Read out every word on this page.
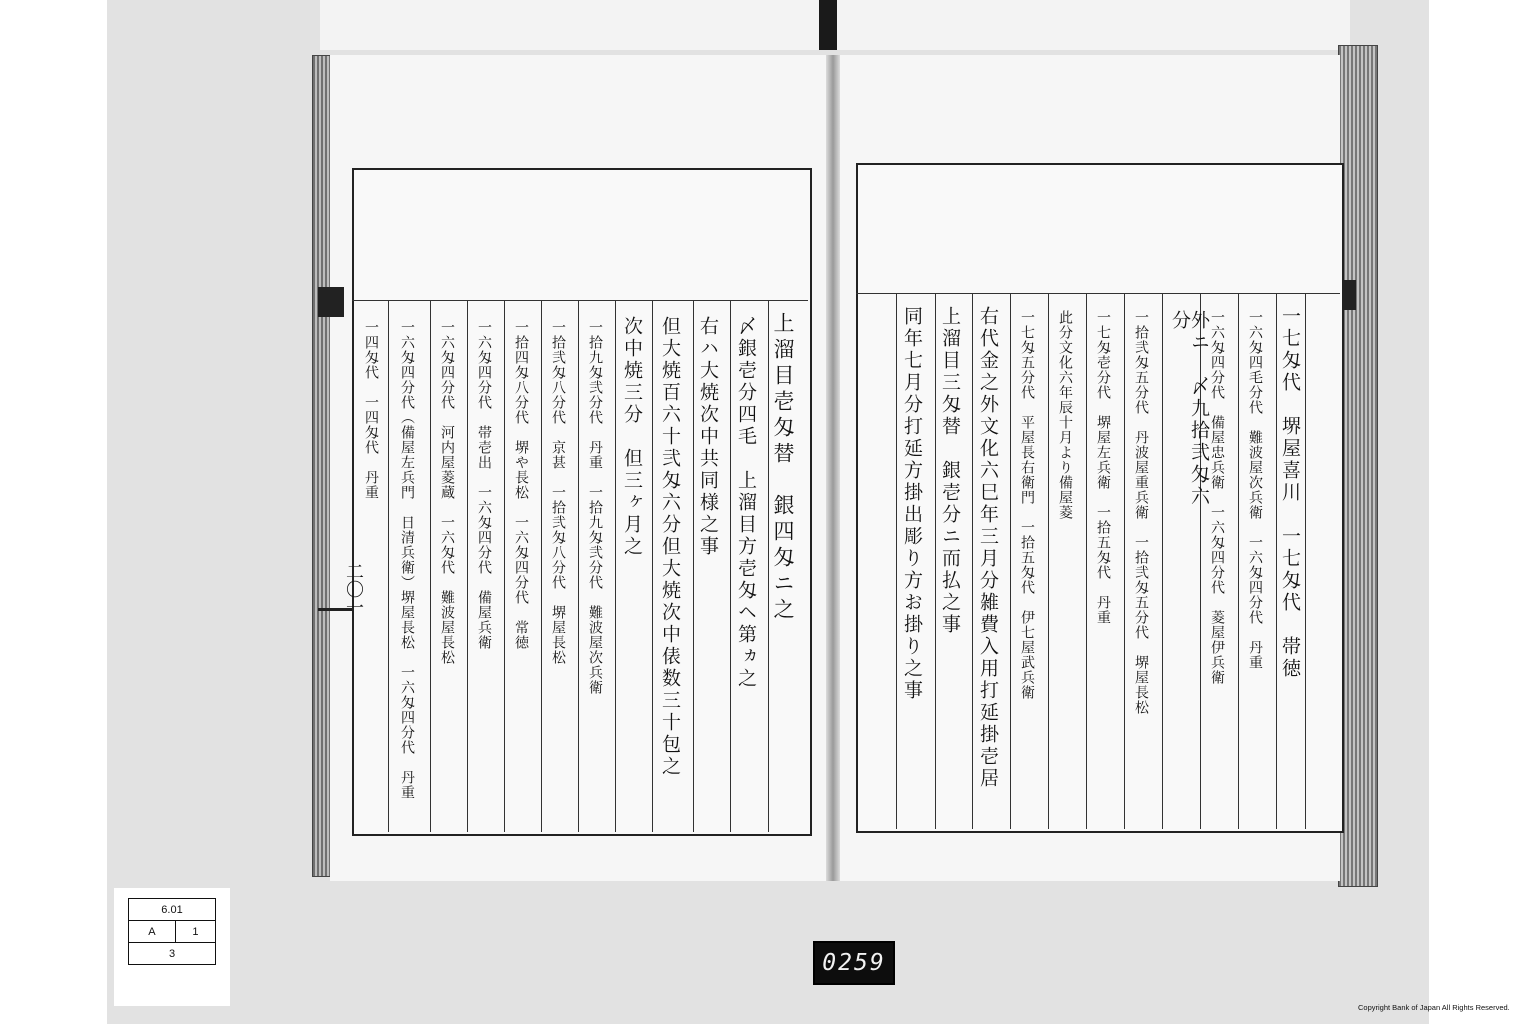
上溜目壱匁替　銀四匁ニ之
〆銀壱分四毛　上溜目方壱匁ヘ第ヵ之
右ハ大焼次中共同様之事
但大焼百六十弐匁六分但大焼次中俵数三十包之
次中焼三分　但三ヶ月之
一拾九匁弐分代　丹重　一拾九匁弐分代　難波屋次兵衛
一拾弐匁八分代　京甚　一拾弐匁八分代　堺屋長松
一拾四匁八分代　堺や長松　一六匁四分代　常徳
一六匁四分代　帯壱出　一六匁四分代　備屋兵衛
一六匁四分代　河内屋菱蔵　一六匁代　難波屋長松
一六匁四分代（備屋左兵門　日清兵衛）堺屋長松　一六匁四分代　丹重
一四匁代　一四匁代　丹重
二〇一	一七匁代　堺屋喜川　一七匁代　帯徳
一六匁四毛分代　難波屋次兵衛　一六匁四分代　丹重
一六匁四分代　備屋忠兵衛　一六匁四分代　菱屋伊兵衛
外ニ　〆九拾弐匁六分
一拾弐匁五分代　丹波屋重兵衛　一拾弐匁五分代　堺屋長松
一七匁壱分代　堺屋左兵衛　一拾五匁代　丹重
此分文化六年辰十月より備屋菱
一七匁五分代　平屋長右衛門　一拾五匁代　伊七屋武兵衛
右代金之外文化六巳年三月分雑費入用打延掛壱居
上溜目三匁替　銀壱分ニ而払之事
同年七月分打延方掛出彫り方お掛り之事
6.01
A	1
3	0259
Copyright Bank of Japan All Rights Reserved.
